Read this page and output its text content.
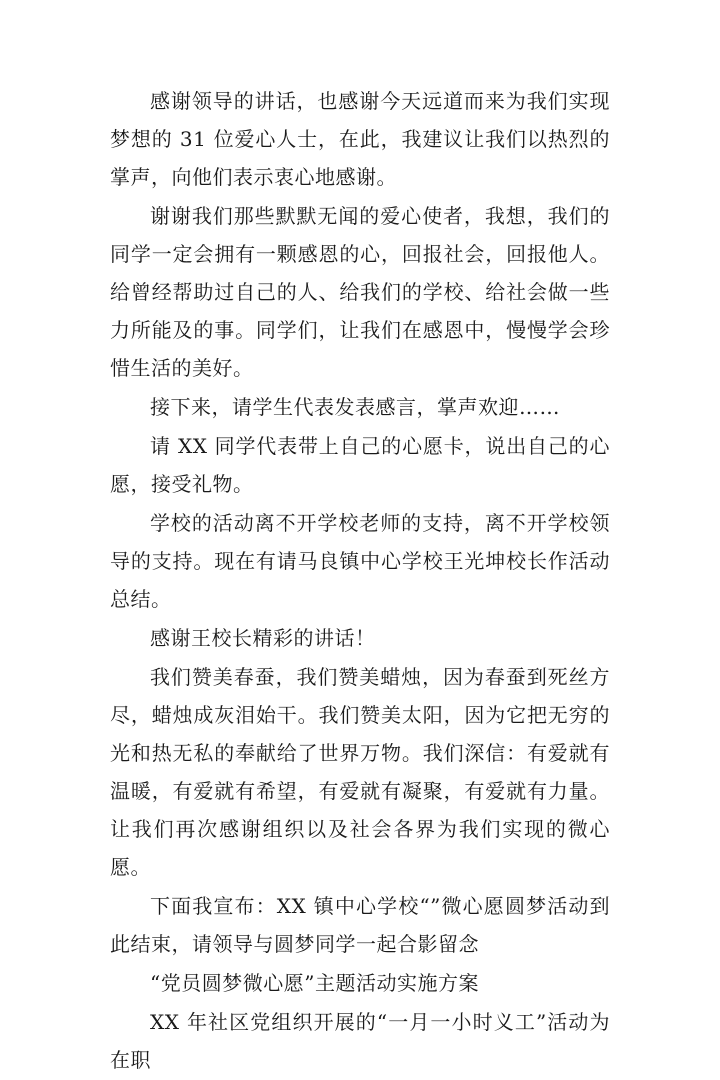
感谢领导的讲话，也感谢今天远道而来为我们实现梦想的 31 位爱心人士，在此，我建议让我们以热烈的掌声，向他们表示衷心地感谢。

谢谢我们那些默默无闻的爱心使者，我想，我们的同学一定会拥有一颗感恩的心，回报社会，回报他人。给曾经帮助过自己的人、给我们的学校、给社会做一些力所能及的事。同学们，让我们在感恩中，慢慢学会珍惜生活的美好。

接下来，请学生代表发表感言，掌声欢迎……

请 XX 同学代表带上自己的心愿卡，说出自己的心愿，接受礼物。

学校的活动离不开学校老师的支持，离不开学校领导的支持。现在有请马良镇中心学校王光坤校长作活动总结。

感谢王校长精彩的讲话！

我们赞美春蚕，我们赞美蜡烛，因为春蚕到死丝方尽，蜡烛成灰泪始干。我们赞美太阳，因为它把无穷的光和热无私的奉献给了世界万物。我们深信：有爱就有温暖，有爱就有希望，有爱就有凝聚，有爱就有力量。让我们再次感谢组织以及社会各界为我们实现的微心愿。

下面我宣布：XX 镇中心学校“”微心愿圆梦活动到此结束，请领导与圆梦同学一起合影留念

“党员圆梦微心愿”主题活动实施方案

XX 年社区党组织开展的“一月一小时义工”活动为在职
